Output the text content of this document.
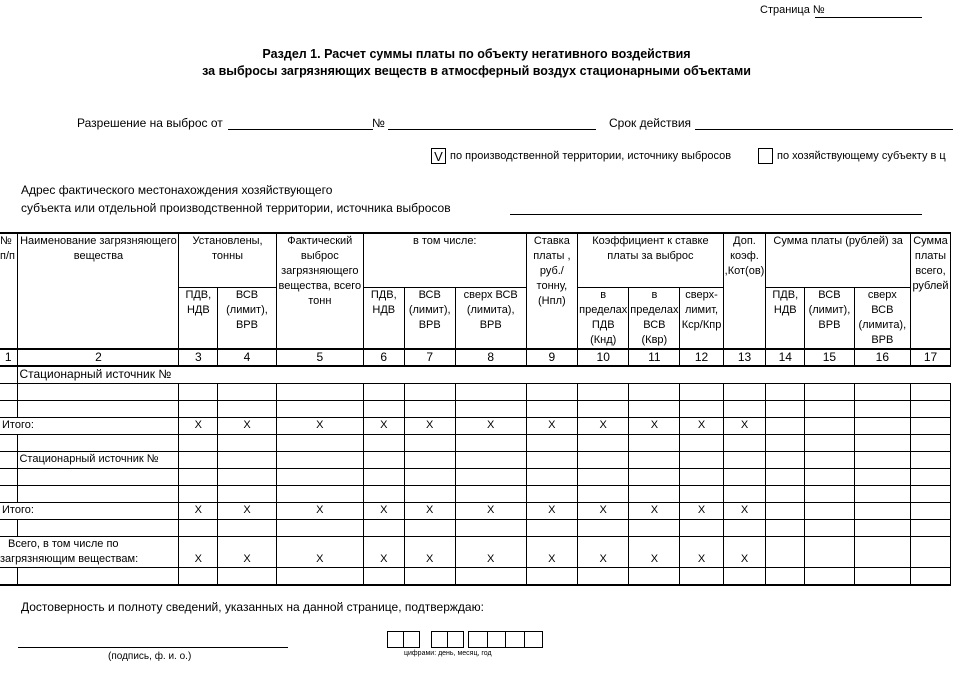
Страница №
Раздел 1. Расчет суммы платы по объекту негативного воздействия
за выбросы загрязняющих веществ в атмосферный воздух стационарными объектами
Разрешение на выброс от	№	Срок действия
V по производственной территории, источнику выбросов	по хозяйствующему субъекту в ц
Адрес фактического местонахождения хозяйствующего
субъекта или отдельной производственной территории, источника выбросов
№ п/п	Наименование загрязняющего вещества	Установлены, тонны		Фактический выброс загрязняющего вещества, всего тонн	в том числе:			Ставка платы , руб./тонну, (Нпл)	Коэффициент к ставке платы за выброс			Доп. коэф. ,Кот(ов)	Сумма платы (рублей) за			Сумма платы всего, рублей
		ПДВ, НДВ	ВСВ (лимит), ВРВ		ПДВ, НДВ	ВСВ (лимит), ВРВ	сверх ВСВ (лимита), ВРВ		в пределах ПДВ (Кнд)	в пределах ВСВ (Квр)	сверх-лимит, Кср/Кпр		ПДВ, НДВ	ВСВ (лимит), ВРВ	сверх ВСВ (лимита), ВРВ	
1	2	3	4	5	6	7	8	9	10	11	12	13	14	15	16	17
	Стационарный источник №															

Итого:		X	X	X	X	X	X	X	X	X	X	X				

	Стационарный источник №															

Итого:		X	X	X	X	X	X	X	X	X	X	X				

Всего, в том числе по
загрязняющим веществам:		X	X	X	X	X	X	X	X	X	X	X				

Достоверность и полноту сведений, указанных на данной странице, подтверждаю:
(подпись, ф. и. о.)	цифрами: день, месяц, год
